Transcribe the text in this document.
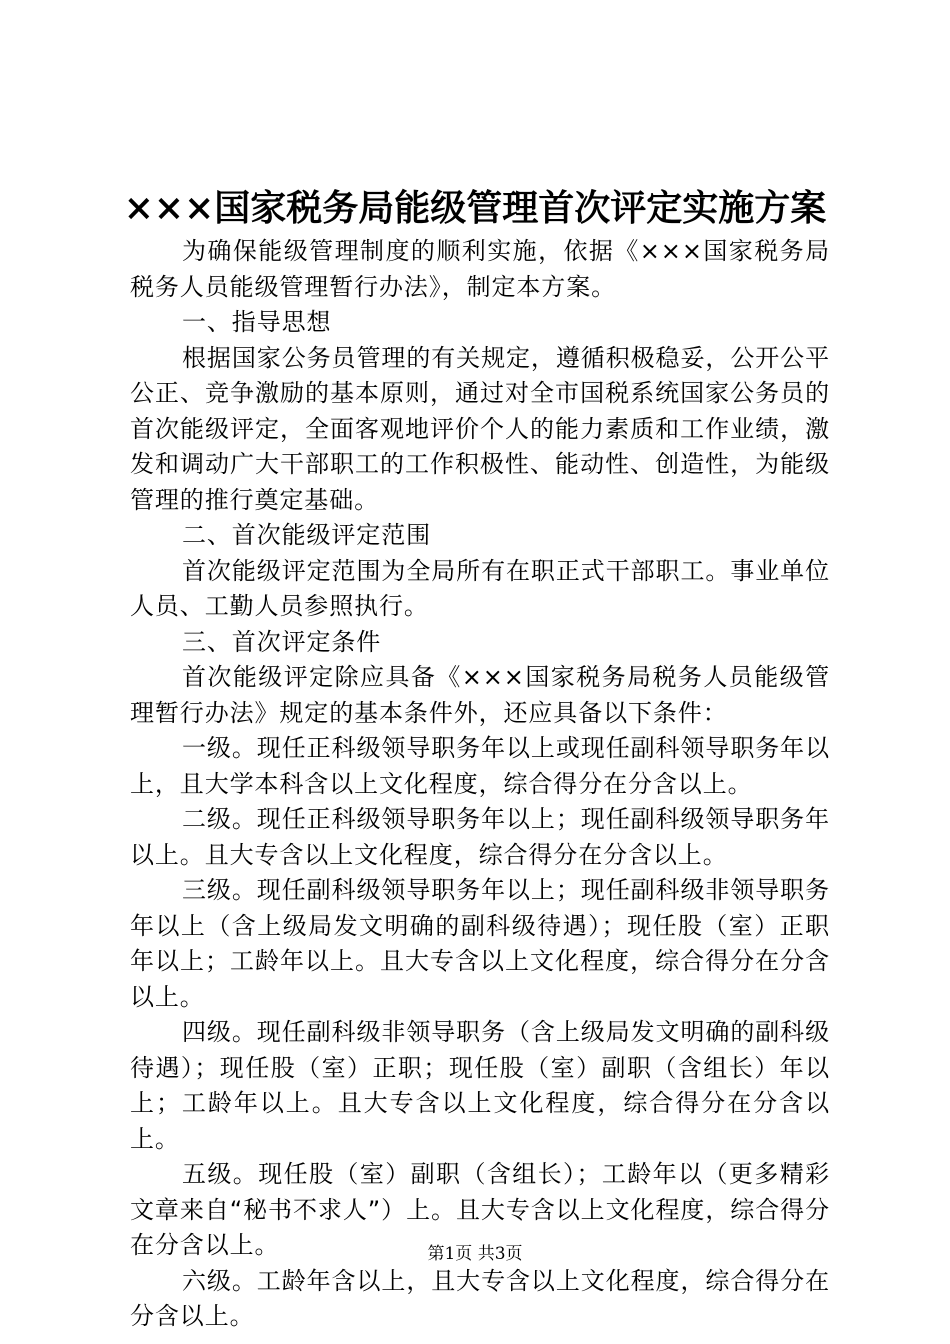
×××国家税务局能级管理首次评定实施方案

为确保能级管理制度的顺利实施，依据《×××国家税务局税务人员能级管理暂行办法》，制定本方案。

一、指导思想

根据国家公务员管理的有关规定，遵循积极稳妥，公开公平公正、竞争激励的基本原则，通过对全市国税系统国家公务员的首次能级评定，全面客观地评价个人的能力素质和工作业绩，激发和调动广大干部职工的工作积极性、能动性、创造性，为能级管理的推行奠定基础。

二、首次能级评定范围

首次能级评定范围为全局所有在职正式干部职工。事业单位人员、工勤人员参照执行。

三、首次评定条件

首次能级评定除应具备《×××国家税务局税务人员能级管理暂行办法》规定的基本条件外，还应具备以下条件：

一级。现任正科级领导职务年以上或现任副科领导职务年以上，且大学本科含以上文化程度，综合得分在分含以上。

二级。现任正科级领导职务年以上；现任副科级领导职务年以上。且大专含以上文化程度，综合得分在分含以上。

三级。现任副科级领导职务年以上；现任副科级非领导职务年以上（含上级局发文明确的副科级待遇）；现任股（室）正职年以上；工龄年以上。且大专含以上文化程度，综合得分在分含以上。

四级。现任副科级非领导职务（含上级局发文明确的副科级待遇）；现任股（室）正职；现任股（室）副职（含组长）年以上；工龄年以上。且大专含以上文化程度，综合得分在分含以上。

五级。现任股（室）副职（含组长）；工龄年以（更多精彩文章来自“秘书不求人”）上。且大专含以上文化程度，综合得分在分含以上。

六级。工龄年含以上，且大专含以上文化程度，综合得分在分含以上。

第1页 共3页
